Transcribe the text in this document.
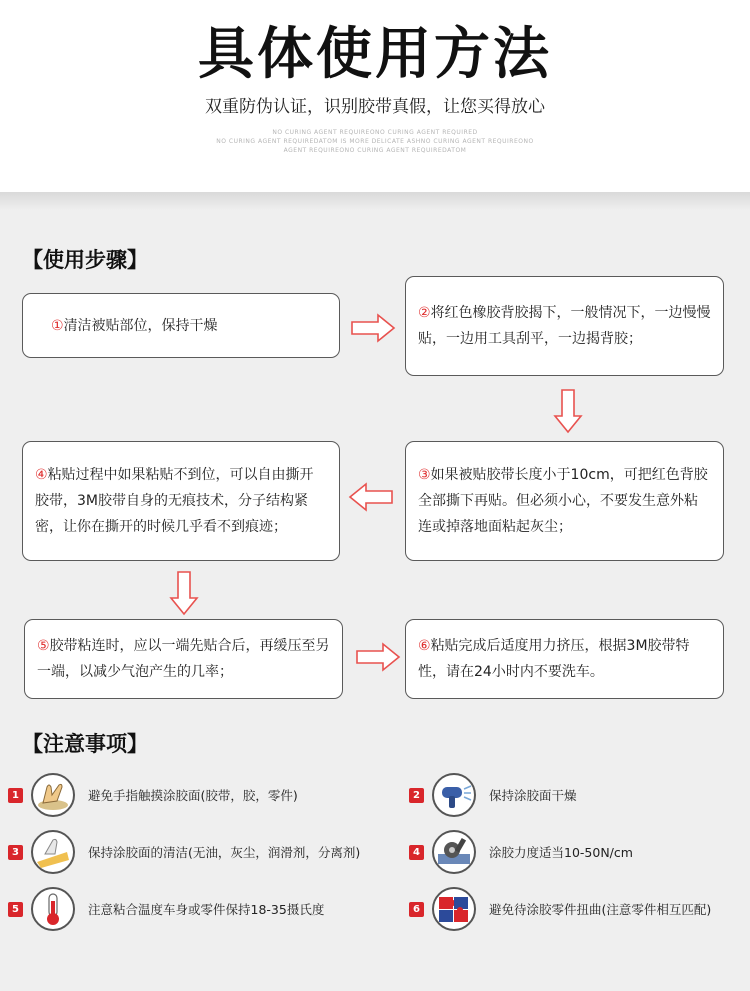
具体使用方法
双重防伪认证，识别胶带真假，让您买得放心
NO CURING AGENT REQUIREONO CURING AGENT REQUIRED
NO CURING AGENT REQUIREDATOM IS MORE DELICATE ASHNO CURING AGENT REQUIREONO
AGENT REQUIREONO CURING AGENT REQUIREDATOM
【使用步骤】
①清洁被贴部位，保持干燥
②将红色橡胶背胶揭下，一般情况下，一边慢慢贴，一边用工具刮平，一边揭背胶；
③如果被贴胶带长度小于10cm，可把红色背胶全部撕下再贴。但必须小心，不要发生意外粘连或掉落地面粘起灰尘；
④粘贴过程中如果粘贴不到位，可以自由撕开胶带，3M胶带自身的无痕技术，分子结构紧密，让你在撕开的时候几乎看不到痕迹；
⑤胶带粘连时，应以一端先贴合后，再缓压至另一端，以减少气泡产生的几率；
⑥粘贴完成后适度用力挤压，根据3M胶带特性，请在24小时内不要洗车。
【注意事项】
1	避免手指触摸涂胶面(胶带，胶，零件)	2	保持涂胶面干燥
3	保持涂胶面的清洁(无油，灰尘，润滑剂，分离剂)	4	涂胶力度适当10-50N/cm
5	注意粘合温度车身或零件保持18-35摄氏度	6	避免待涂胶零件扭曲(注意零件相互匹配)
